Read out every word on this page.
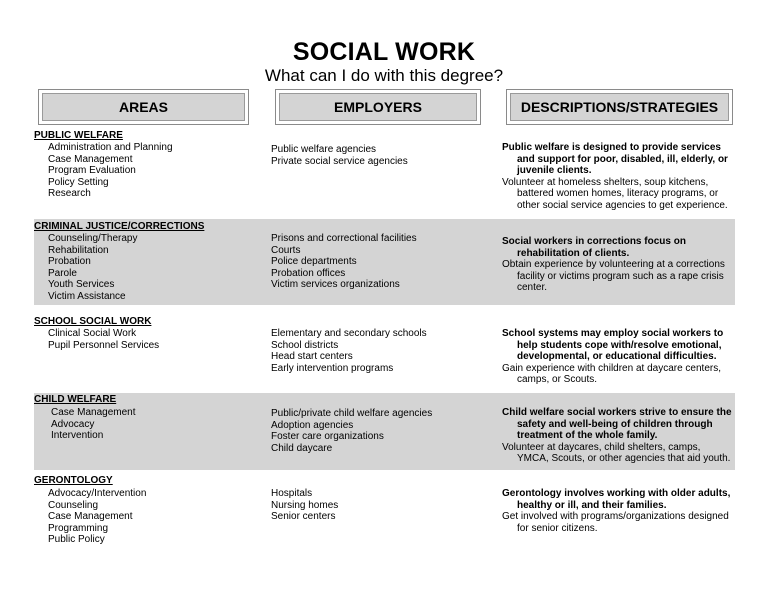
SOCIAL WORK
What can I do with this degree?
AREAS	EMPLOYERS	DESCRIPTIONS/STRATEGIES
PUBLIC WELFARE
Administration and Planning
Case Management
Program Evaluation
Policy Setting
Research
Public welfare agencies
Private social service agencies
Public welfare is designed to provide services and support for poor, disabled, ill, elderly, or juvenile clients.
Volunteer at homeless shelters, soup kitchens, battered women homes, literacy programs, or other social service agencies to get experience.
CRIMINAL JUSTICE/CORRECTIONS
Counseling/Therapy
Rehabilitation
Probation
Parole
Youth Services
Victim Assistance
Prisons and correctional facilities
Courts
Police departments
Probation offices
Victim services organizations
Social workers in corrections focus on rehabilitation of clients.
Obtain experience by volunteering at a corrections facility or victims program such as a rape crisis center.
SCHOOL SOCIAL WORK
Clinical Social Work
Pupil Personnel Services
Elementary and secondary schools
School districts
Head start centers
Early intervention programs
School systems may employ social workers to help students cope with/resolve emotional, developmental, or educational difficulties.
Gain experience with children at daycare centers, camps, or Scouts.
CHILD WELFARE
Case Management
Advocacy
Intervention
Public/private child welfare agencies
Adoption agencies
Foster care organizations
Child daycare
Child welfare social workers strive to ensure the safety and well-being of children through treatment of the whole family.
Volunteer at daycares, child shelters, camps, YMCA, Scouts, or other agencies that aid youth.
GERONTOLOGY
Advocacy/Intervention
Counseling
Case Management
Programming
Public Policy
Hospitals
Nursing homes
Senior centers
Gerontology involves working with older adults, healthy or ill, and their families.
Get involved with programs/organizations designed for senior citizens.
